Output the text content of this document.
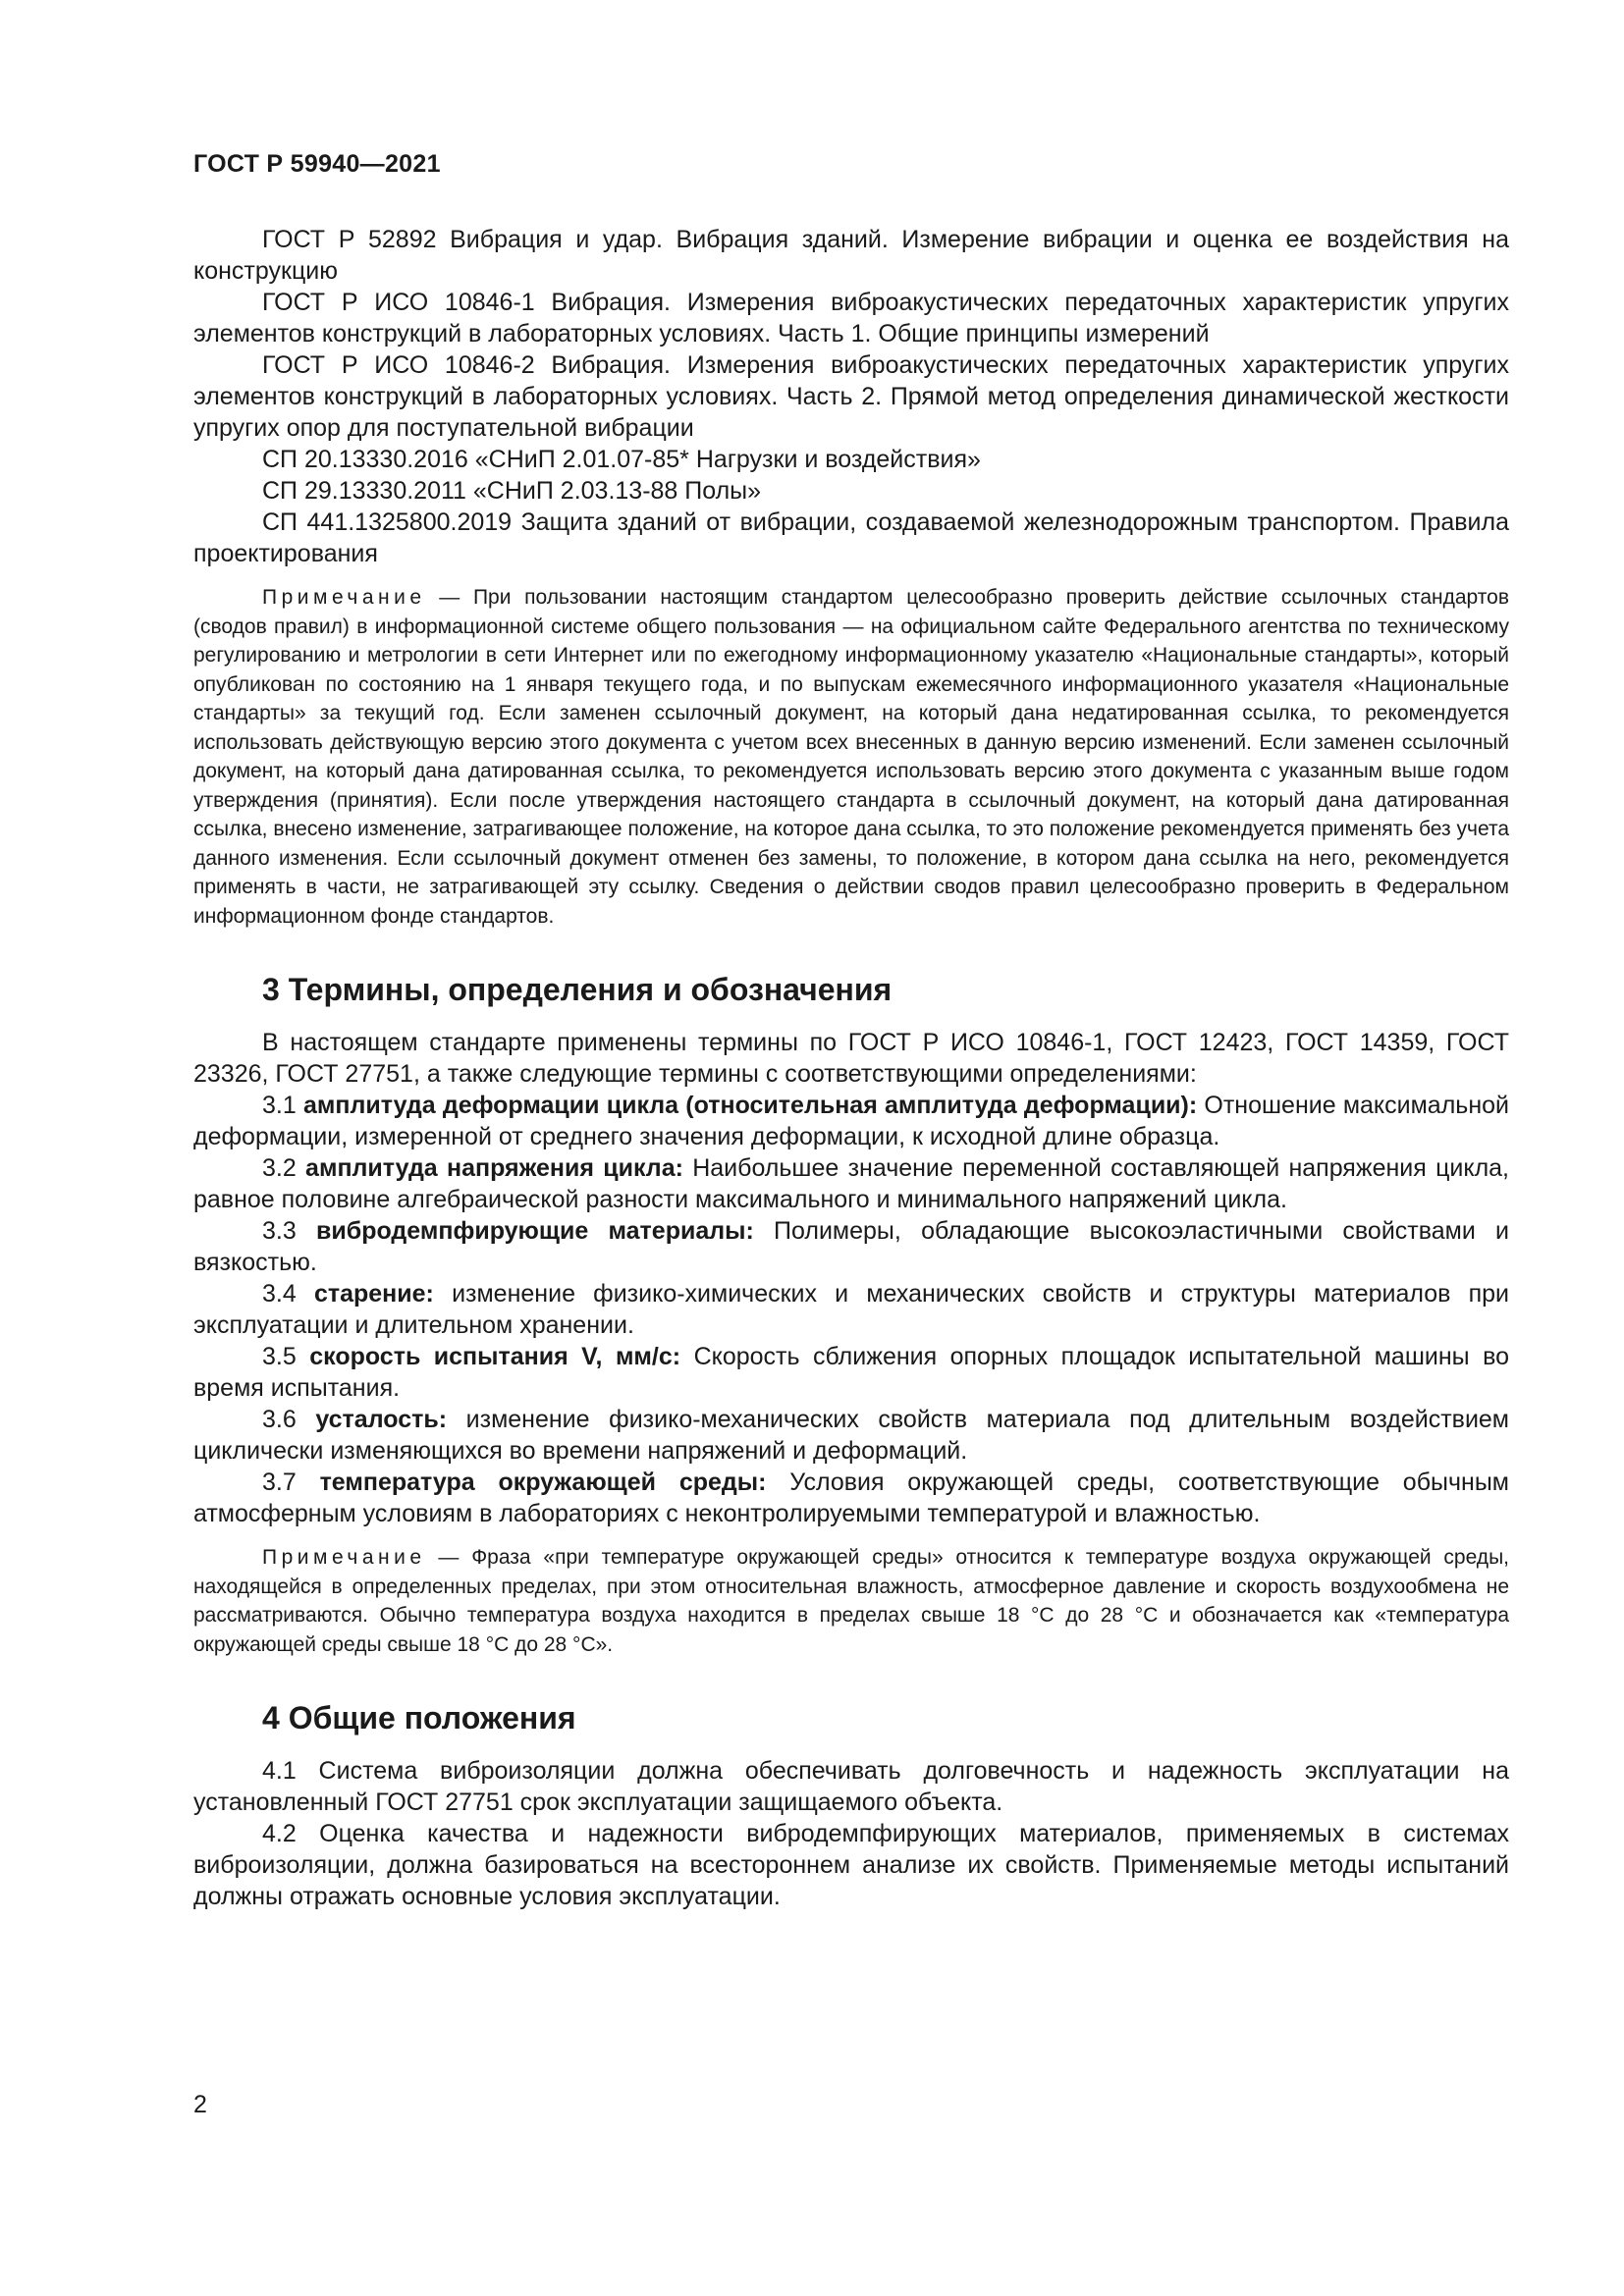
ГОСТ Р 59940—2021

ГОСТ Р 52892 Вибрация и удар. Вибрация зданий. Измерение вибрации и оценка ее воздействия на конструкцию

ГОСТ Р ИСО 10846-1 Вибрация. Измерения виброакустических передаточных характеристик упругих элементов конструкций в лабораторных условиях. Часть 1. Общие принципы измерений

ГОСТ Р ИСО 10846-2 Вибрация. Измерения виброакустических передаточных характеристик упругих элементов конструкций в лабораторных условиях. Часть 2. Прямой метод определения динамической жесткости упругих опор для поступательной вибрации

СП 20.13330.2016 «СНиП 2.01.07-85* Нагрузки и воздействия»

СП 29.13330.2011 «СНиП 2.03.13-88 Полы»

СП 441.1325800.2019 Защита зданий от вибрации, создаваемой железнодорожным транспортом. Правила проектирования

Примечание — При пользовании настоящим стандартом целесообразно проверить действие ссылочных стандартов (сводов правил) в информационной системе общего пользования — на официальном сайте Федерального агентства по техническому регулированию и метрологии в сети Интернет или по ежегодному информационному указателю «Национальные стандарты», который опубликован по состоянию на 1 января текущего года, и по выпускам ежемесячного информационного указателя «Национальные стандарты» за текущий год. Если заменен ссылочный документ, на который дана недатированная ссылка, то рекомендуется использовать действующую версию этого документа с учетом всех внесенных в данную версию изменений. Если заменен ссылочный документ, на который дана датированная ссылка, то рекомендуется использовать версию этого документа с указанным выше годом утверждения (принятия). Если после утверждения настоящего стандарта в ссылочный документ, на который дана датированная ссылка, внесено изменение, затрагивающее положение, на которое дана ссылка, то это положение рекомендуется применять без учета данного изменения. Если ссылочный документ отменен без замены, то положение, в котором дана ссылка на него, рекомендуется применять в части, не затрагивающей эту ссылку. Сведения о действии сводов правил целесообразно проверить в Федеральном информационном фонде стандартов.

3 Термины, определения и обозначения

В настоящем стандарте применены термины по ГОСТ Р ИСО 10846-1, ГОСТ 12423, ГОСТ 14359, ГОСТ 23326, ГОСТ 27751, а также следующие термины с соответствующими определениями:

3.1 амплитуда деформации цикла (относительная амплитуда деформации): Отношение максимальной деформации, измеренной от среднего значения деформации, к исходной длине образца.

3.2 амплитуда напряжения цикла: Наибольшее значение переменной составляющей напряжения цикла, равное половине алгебраической разности максимального и минимального напряжений цикла.

3.3 вибродемпфирующие материалы: Полимеры, обладающие высокоэластичными свойствами и вязкостью.

3.4 старение: изменение физико-химических и механических свойств и структуры материалов при эксплуатации и длительном хранении.

3.5 скорость испытания V, мм/с: Скорость сближения опорных площадок испытательной машины во время испытания.

3.6 усталость: изменение физико-механических свойств материала под длительным воздействием циклически изменяющихся во времени напряжений и деформаций.

3.7 температура окружающей среды: Условия окружающей среды, соответствующие обычным атмосферным условиям в лабораториях с неконтролируемыми температурой и влажностью.

Примечание — Фраза «при температуре окружающей среды» относится к температуре воздуха окружающей среды, находящейся в определенных пределах, при этом относительная влажность, атмосферное давление и скорость воздухообмена не рассматриваются. Обычно температура воздуха находится в пределах свыше 18 °С до 28 °С и обозначается как «температура окружающей среды свыше 18 °С до 28 °С».

4 Общие положения

4.1 Система виброизоляции должна обеспечивать долговечность и надежность эксплуатации на установленный ГОСТ 27751 срок эксплуатации защищаемого объекта.

4.2 Оценка качества и надежности вибродемпфирующих материалов, применяемых в системах виброизоляции, должна базироваться на всестороннем анализе их свойств. Применяемые методы испытаний должны отражать основные условия эксплуатации.

2
